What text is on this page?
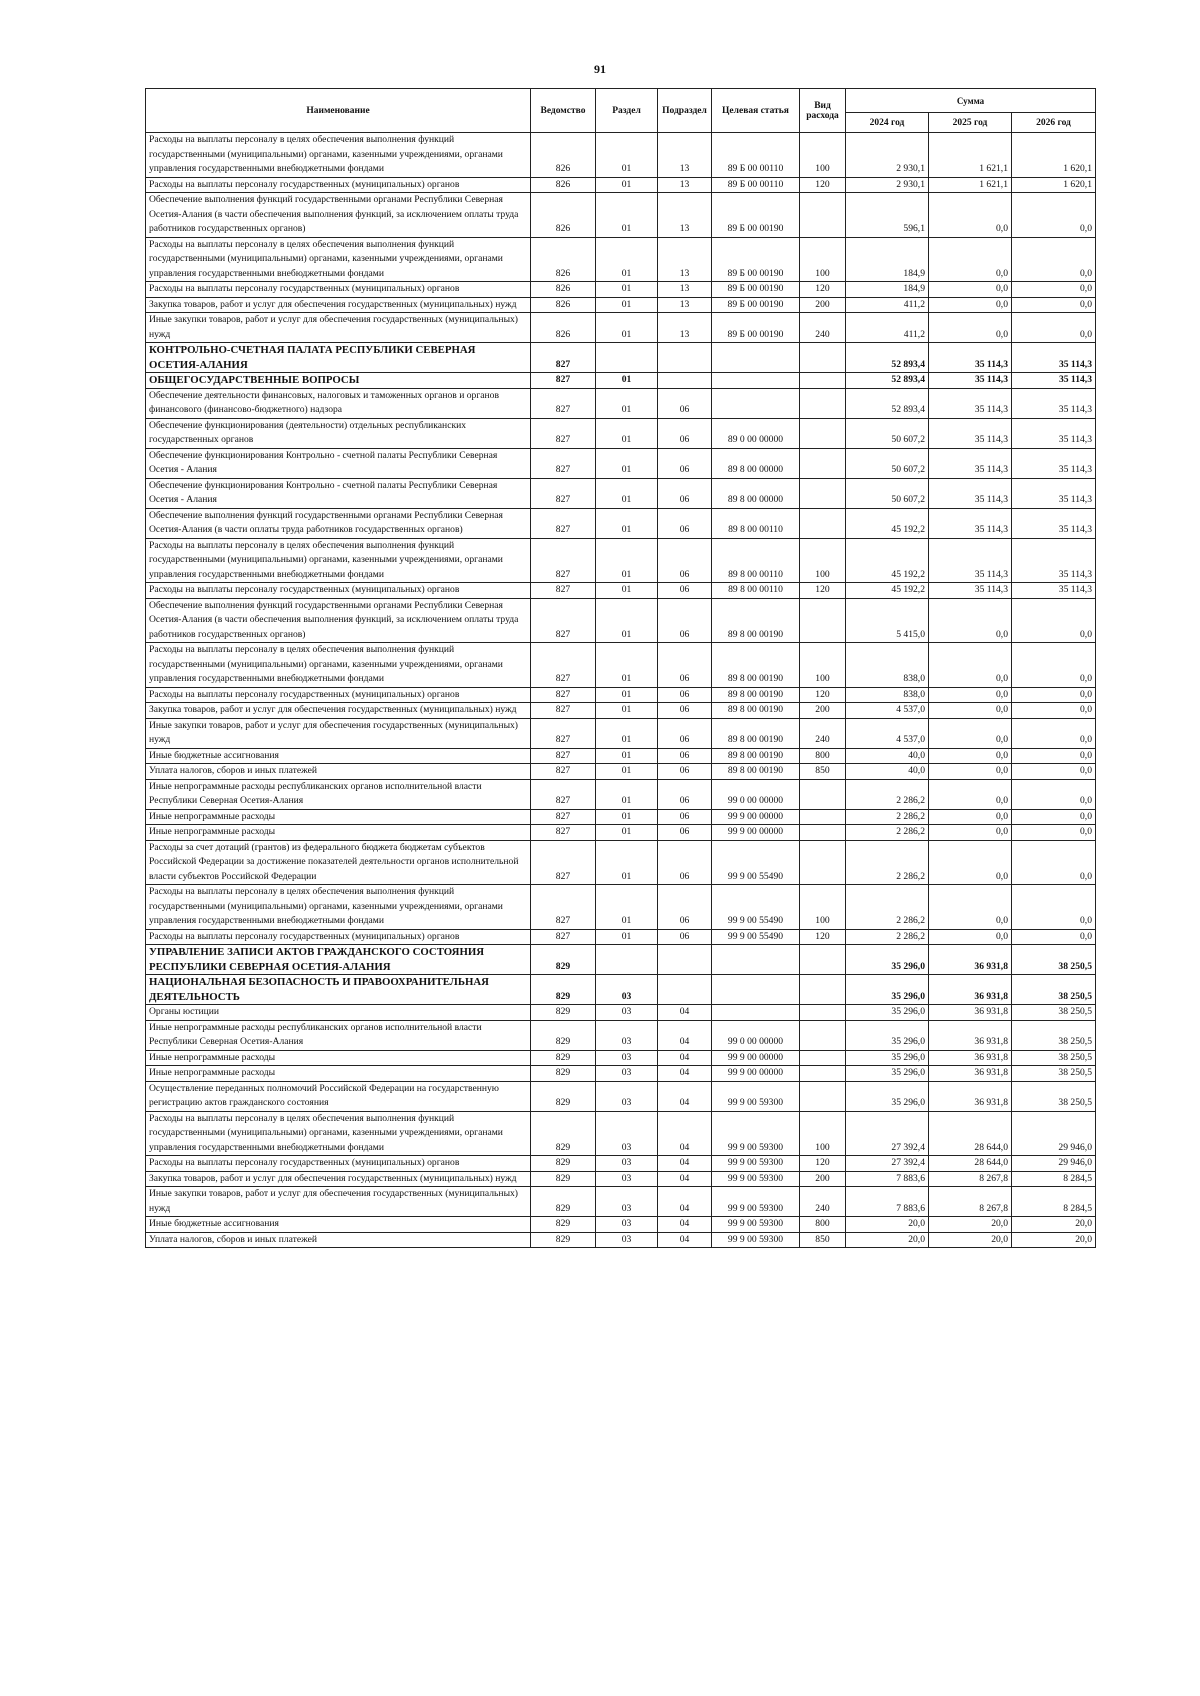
91
Наименование	Ведомство	Раздел	Подраздел	Целевая статья	Вид расхода	Сумма		
						2024 год	2025 год	2026 год
Расходы на выплаты персоналу в целях обеспечения выполнения функций государственными (муниципальными) органами, казенными учреждениями, органами управления государственными внебюджетными фондами	826	01	13	89 Б 00 00110	100	2 930,1	1 621,1	1 620,1
Расходы на выплаты персоналу государственных (муниципальных) органов	826	01	13	89 Б 00 00110	120	2 930,1	1 621,1	1 620,1
Обеспечение выполнения функций государственными органами Республики Северная Осетия-Алания (в части обеспечения выполнения функций, за исключением оплаты труда работников государственных органов)	826	01	13	89 Б 00 00190		596,1	0,0	0,0
Расходы на выплаты персоналу в целях обеспечения выполнения функций государственными (муниципальными) органами, казенными учреждениями, органами управления государственными внебюджетными фондами	826	01	13	89 Б 00 00190	100	184,9	0,0	0,0
Расходы на выплаты персоналу государственных (муниципальных) органов	826	01	13	89 Б 00 00190	120	184,9	0,0	0,0
Закупка товаров, работ и услуг для обеспечения государственных (муниципальных) нужд	826	01	13	89 Б 00 00190	200	411,2	0,0	0,0
Иные закупки товаров, работ и услуг для обеспечения государственных (муниципальных) нужд	826	01	13	89 Б 00 00190	240	411,2	0,0	0,0
КОНТРОЛЬНО-СЧЕТНАЯ ПАЛАТА РЕСПУБЛИКИ СЕВЕРНАЯ ОСЕТИЯ-АЛАНИЯ	827					52 893,4	35 114,3	35 114,3
ОБЩЕГОСУДАРСТВЕННЫЕ ВОПРОСЫ	827	01				52 893,4	35 114,3	35 114,3
Обеспечение деятельности финансовых, налоговых и таможенных органов и органов финансового (финансово-бюджетного) надзора	827	01	06			52 893,4	35 114,3	35 114,3
Обеспечение функционирования (деятельности) отдельных республиканских государственных органов	827	01	06	89 0 00 00000		50 607,2	35 114,3	35 114,3
Обеспечение функционирования Контрольно - счетной палаты Республики Северная Осетия - Алания	827	01	06	89 8 00 00000		50 607,2	35 114,3	35 114,3
Обеспечение функционирования Контрольно - счетной палаты Республики Северная Осетия - Алания	827	01	06	89 8 00 00000		50 607,2	35 114,3	35 114,3
Обеспечение выполнения функций государственными органами Республики Северная Осетия-Алания (в части оплаты труда работников государственных органов)	827	01	06	89 8 00 00110		45 192,2	35 114,3	35 114,3
Расходы на выплаты персоналу в целях обеспечения выполнения функций государственными (муниципальными) органами, казенными учреждениями, органами управления государственными внебюджетными фондами	827	01	06	89 8 00 00110	100	45 192,2	35 114,3	35 114,3
Расходы на выплаты персоналу государственных (муниципальных) органов	827	01	06	89 8 00 00110	120	45 192,2	35 114,3	35 114,3
Обеспечение выполнения функций государственными органами Республики Северная Осетия-Алания (в части обеспечения выполнения функций, за исключением оплаты труда работников государственных органов)	827	01	06	89 8 00 00190		5 415,0	0,0	0,0
Расходы на выплаты персоналу в целях обеспечения выполнения функций государственными (муниципальными) органами, казенными учреждениями, органами управления государственными внебюджетными фондами	827	01	06	89 8 00 00190	100	838,0	0,0	0,0
Расходы на выплаты персоналу государственных (муниципальных) органов	827	01	06	89 8 00 00190	120	838,0	0,0	0,0
Закупка товаров, работ и услуг для обеспечения государственных (муниципальных) нужд	827	01	06	89 8 00 00190	200	4 537,0	0,0	0,0
Иные закупки товаров, работ и услуг для обеспечения государственных (муниципальных) нужд	827	01	06	89 8 00 00190	240	4 537,0	0,0	0,0
Иные бюджетные ассигнования	827	01	06	89 8 00 00190	800	40,0	0,0	0,0
Уплата налогов, сборов и иных платежей	827	01	06	89 8 00 00190	850	40,0	0,0	0,0
Иные непрограммные расходы республиканских органов исполнительной власти Республики Северная Осетия-Алания	827	01	06	99 0 00 00000		2 286,2	0,0	0,0
Иные непрограммные расходы	827	01	06	99 9 00 00000		2 286,2	0,0	0,0
Иные непрограммные расходы	827	01	06	99 9 00 00000		2 286,2	0,0	0,0
Расходы за счет дотаций (грантов) из федерального бюджета бюджетам субъектов Российской Федерации за достижение показателей деятельности органов исполнительной власти субъектов Российской Федерации	827	01	06	99 9 00 55490		2 286,2	0,0	0,0
Расходы на выплаты персоналу в целях обеспечения выполнения функций государственными (муниципальными) органами, казенными учреждениями, органами управления государственными внебюджетными фондами	827	01	06	99 9 00 55490	100	2 286,2	0,0	0,0
Расходы на выплаты персоналу государственных (муниципальных) органов	827	01	06	99 9 00 55490	120	2 286,2	0,0	0,0
УПРАВЛЕНИЕ ЗАПИСИ АКТОВ ГРАЖДАНСКОГО СОСТОЯНИЯ РЕСПУБЛИКИ СЕВЕРНАЯ ОСЕТИЯ-АЛАНИЯ	829					35 296,0	36 931,8	38 250,5
НАЦИОНАЛЬНАЯ БЕЗОПАСНОСТЬ И ПРАВООХРАНИТЕЛЬНАЯ ДЕЯТЕЛЬНОСТЬ	829	03				35 296,0	36 931,8	38 250,5
Органы юстиции	829	03	04			35 296,0	36 931,8	38 250,5
Иные непрограммные расходы республиканских органов исполнительной власти Республики Северная Осетия-Алания	829	03	04	99 0 00 00000		35 296,0	36 931,8	38 250,5
Иные непрограммные расходы	829	03	04	99 9 00 00000		35 296,0	36 931,8	38 250,5
Иные непрограммные расходы	829	03	04	99 9 00 00000		35 296,0	36 931,8	38 250,5
Осуществление переданных полномочий Российской Федерации на государственную регистрацию актов гражданского состояния	829	03	04	99 9 00 59300		35 296,0	36 931,8	38 250,5
Расходы на выплаты персоналу в целях обеспечения выполнения функций государственными (муниципальными) органами, казенными учреждениями, органами управления государственными внебюджетными фондами	829	03	04	99 9 00 59300	100	27 392,4	28 644,0	29 946,0
Расходы на выплаты персоналу государственных (муниципальных) органов	829	03	04	99 9 00 59300	120	27 392,4	28 644,0	29 946,0
Закупка товаров, работ и услуг для обеспечения государственных (муниципальных) нужд	829	03	04	99 9 00 59300	200	7 883,6	8 267,8	8 284,5
Иные закупки товаров, работ и услуг для обеспечения государственных (муниципальных) нужд	829	03	04	99 9 00 59300	240	7 883,6	8 267,8	8 284,5
Иные бюджетные ассигнования	829	03	04	99 9 00 59300	800	20,0	20,0	20,0
Уплата налогов, сборов и иных платежей	829	03	04	99 9 00 59300	850	20,0	20,0	20,0
